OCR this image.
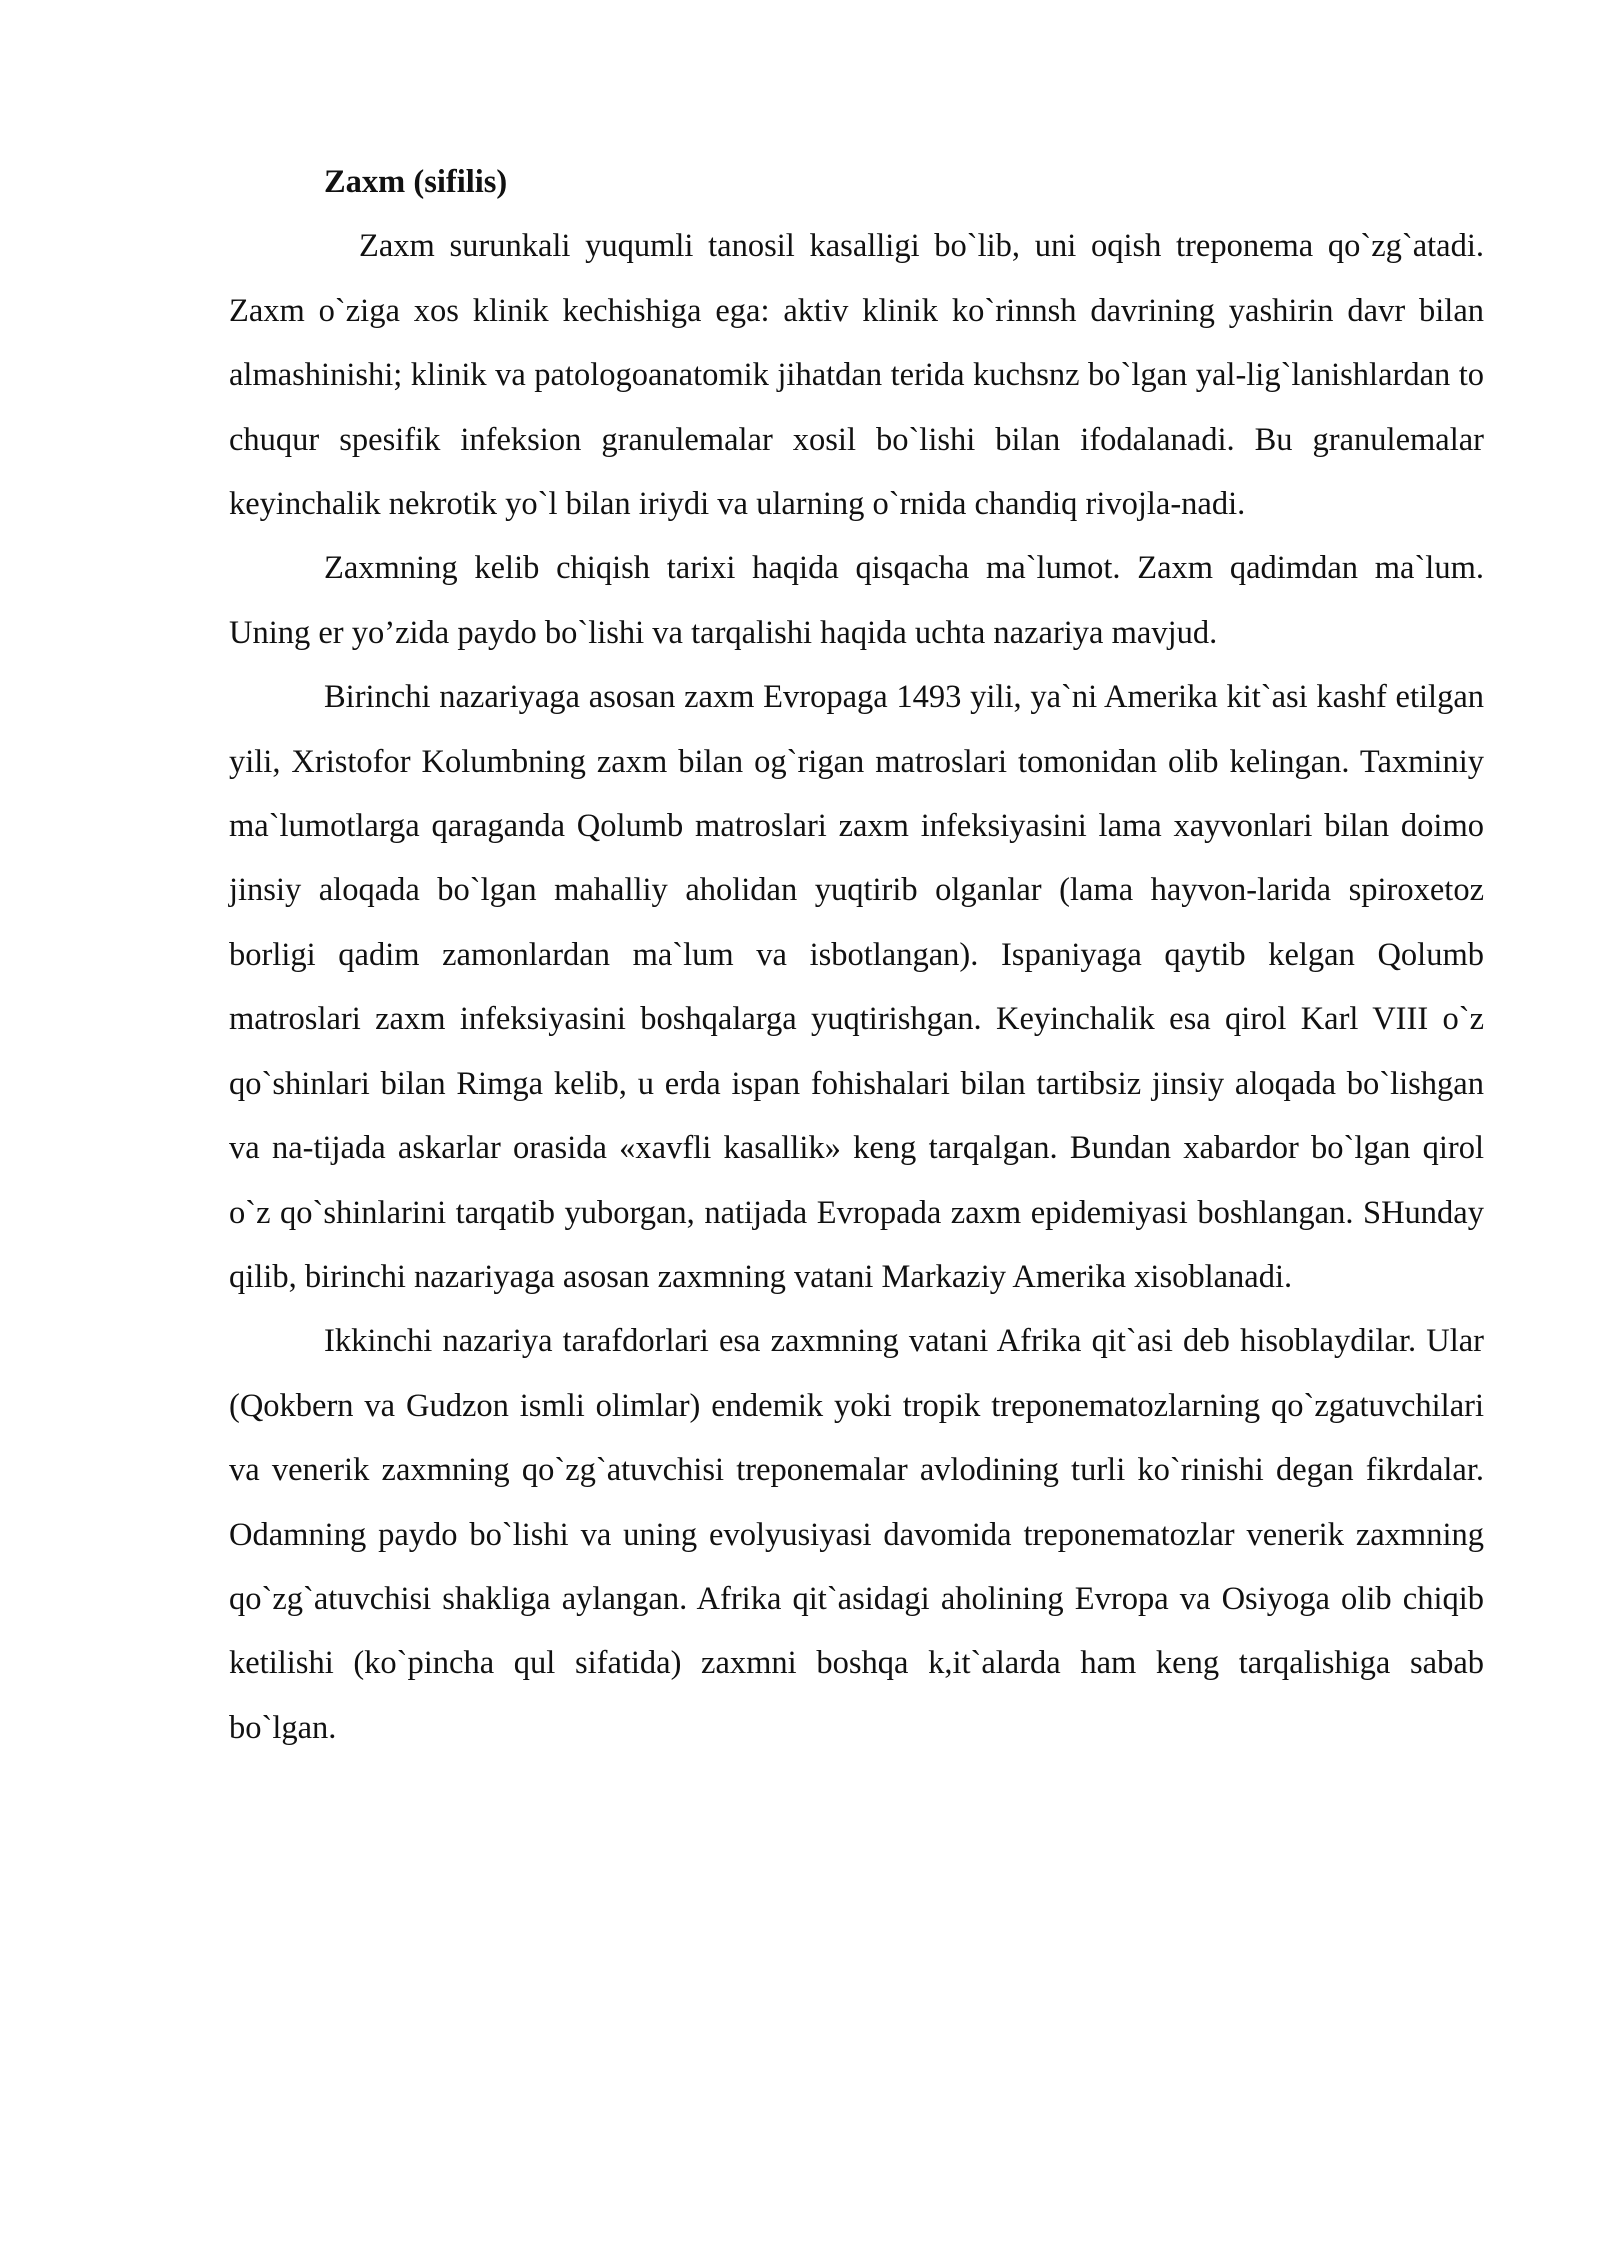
Zaxm (sifilis)

Zaxm surunkali yuqumli tanosil kasalligi bo`lib, uni oqish treponema qo`zg`atadi. Zaxm o`ziga xos klinik kechishiga ega: aktiv klinik ko`rinnsh davrining yashirin davr bilan almashinishi; klinik va patologoanatomik jihatdan terida kuchsnz bo`lgan yal-lig`lanishlardan to chuqur spesifik infeksion granulemalar xosil bo`lishi bilan ifodalanadi. Bu granulemalar keyinchalik nekrotik yo`l bilan iriydi va ularning o`rnida chandiq rivojla-nadi.

Zaxmning kelib chiqish tarixi haqida qisqacha ma`lumot. Zaxm qadimdan ma`lum. Uning er yo’zida paydo bo`lishi va tarqalishi haqida uchta nazariya mavjud.

Birinchi nazariyaga asosan zaxm Evropaga 1493 yili, ya`ni Amerika kit`asi kashf etilgan yili, Xristofor Kolumbning zaxm bilan og`rigan matroslari tomonidan olib kelingan. Taxminiy ma`lumotlarga qaraganda Qolumb matroslari zaxm infeksiyasini lama xayvonlari bilan doimo jinsiy aloqada bo`lgan mahalliy aholidan yuqtirib olganlar (lama hayvon-larida spiroxetoz borligi qadim zamonlardan ma`lum va isbotlangan). Ispaniyaga qaytib kelgan Qolumb matroslari zaxm infeksiyasini boshqalarga yuqtirishgan. Keyinchalik esa qirol Karl VIII o`z qo`shinlari bilan Rimga kelib, u erda ispan fohishalari bilan tartibsiz jinsiy aloqada bo`lishgan va na-tijada askarlar orasida «xavfli kasallik» keng tarqalgan. Bundan xabardor bo`lgan qirol o`z qo`shinlarini tarqatib yuborgan, natijada Evropada zaxm epidemiyasi boshlangan. SHunday qilib, birinchi nazariyaga asosan zaxmning vatani Markaziy Amerika xisoblanadi.

Ikkinchi nazariya tarafdorlari esa zaxmning vatani Afrika qit`asi deb hisoblaydilar. Ular (Qokbern va Gudzon ismli olimlar) endemik yoki tropik treponematozlarning qo`zgatuvchilari va venerik zaxmning qo`zg`atuvchisi treponemalar avlodining turli ko`rinishi degan fikrdalar. Odamning paydo bo`lishi va uning evolyusiyasi davomida treponematozlar venerik zaxmning qo`zg`atuvchisi shakliga aylangan. Afrika qit`asidagi aholining Evropa va Osiyoga olib chiqib ketilishi (ko`pincha qul sifatida) zaxmni boshqa k,it`alarda ham keng tarqalishiga sabab bo`lgan.
